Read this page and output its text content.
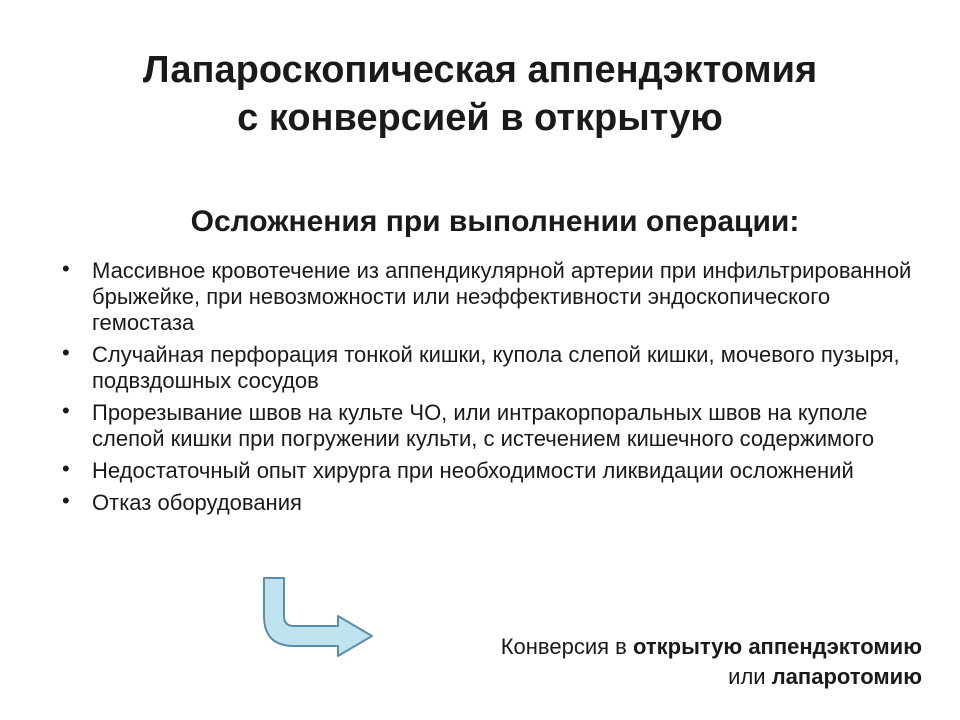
Лапароскопическая аппендэктомия
с конверсией в открытую
Осложнения при выполнении операции:
• Массивное кровотечение из аппендикулярной артерии при инфильтрированной брыжейке, при невозможности или неэффективности эндоскопического гемостаза
• Случайная перфорация тонкой кишки, купола слепой кишки, мочевого пузыря, подвздошных сосудов
• Прорезывание швов на культе ЧО, или интракорпоральных швов на куполе слепой кишки при погружении культи, с истечением кишечного содержимого
• Недостаточный опыт хирурга при необходимости ликвидации осложнений
• Отказ оборудования
Конверсия в открытую аппендэктомию
или лапаротомию
